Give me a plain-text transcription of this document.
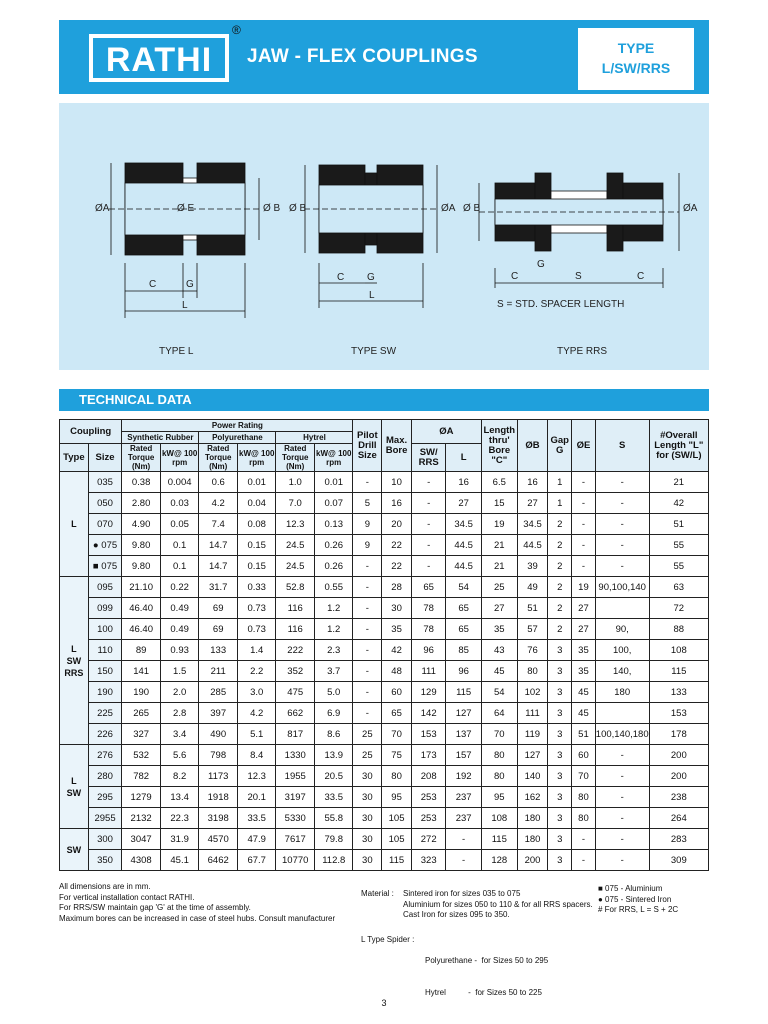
RATHI
®
JAW - FLEX COUPLINGS	TYPE
L/SW/RRS
ØA	Ø E	Ø B
C	G
L
TYPE L
Ø B	ØA
C G
L
TYPE SW
Ø B	ØA
G
C	S	C
S = STD. SPACER LENGTH
TYPE RRS
TECHNICAL DATA
Coupling		Power Rating						Pilot Drill Size	Max. Bore	ØA		Length thru' Bore "C"	ØB	Gap G	ØE	S	#Overall Length "L" for (SW/L)
		Synthetic Rubber		Polyurethane		Hytrel											
Type	Size	Rated Torque (Nm)	kW@ 100 rpm	Rated Torque (Nm)	kW@ 100 rpm	Rated Torque (Nm)	kW@ 100 rpm			SW/ RRS	L						
L	035	0.38	0.004	0.6	0.01	1.0	0.01	-	10	-	16	6.5	16	1	-	-	21
	050	2.80	0.03	4.2	0.04	7.0	0.07	5	16	-	27	15	27	1	-	-	42
	070	4.90	0.05	7.4	0.08	12.3	0.13	9	20	-	34.5	19	34.5	2	-	-	51
	● 075	9.80	0.1	14.7	0.15	24.5	0.26	9	22	-	44.5	21	44.5	2	-	-	55
	■ 075	9.80	0.1	14.7	0.15	24.5	0.26	-	22	-	44.5	21	39	2	-	-	55
L
SW
RRS	095	21.10	0.22	31.7	0.33	52.8	0.55	-	28	65	54	25	49	2	19	90,100,140	63
	099	46.40	0.49	69	0.73	116	1.2	-	30	78	65	27	51	2	27		72
	100	46.40	0.49	69	0.73	116	1.2	-	35	78	65	35	57	2	27	90,	88
	110	89	0.93	133	1.4	222	2.3	-	42	96	85	43	76	3	35	100,	108
	150	141	1.5	211	2.2	352	3.7	-	48	111	96	45	80	3	35	140,	115
	190	190	2.0	285	3.0	475	5.0	-	60	129	115	54	102	3	45	180	133
	225	265	2.8	397	4.2	662	6.9	-	65	142	127	64	111	3	45		153
	226	327	3.4	490	5.1	817	8.6	25	70	153	137	70	119	3	51	100,140,180	178
L
SW	276	532	5.6	798	8.4	1330	13.9	25	75	173	157	80	127	3	60	-	200
	280	782	8.2	1173	12.3	1955	20.5	30	80	208	192	80	140	3	70	-	200
	295	1279	13.4	1918	20.1	3197	33.5	30	95	253	237	95	162	3	80	-	238
	2955	2132	22.3	3198	33.5	5330	55.8	30	105	253	237	108	180	3	80	-	264
SW	300	3047	31.9	4570	47.9	7617	79.8	30	105	272	-	115	180	3	-	-	283
	350	4308	45.1	6462	67.7	10770	112.8	30	115	323	-	128	200	3	-	-	309
All dimensions are in mm.
For vertical installation contact RATHI.
For RRS/SW maintain gap 'G' at the time of assembly.
Maximum bores can be increased in case of steel hubs. Consult manufacturer
Material : Sintered iron for sizes 035 to 075
Aluminium for sizes 050 to 110 & for all RRS spacers.
Cast Iron for sizes 095 to 350.
■ 075 - Aluminium
● 075 - Sintered Iron
# For RRS, L = S + 2C
L Type Spider :

Polyurethane -  for Sizes 50 to 295

Hytrel          -  for Sizes 50 to 225

3
